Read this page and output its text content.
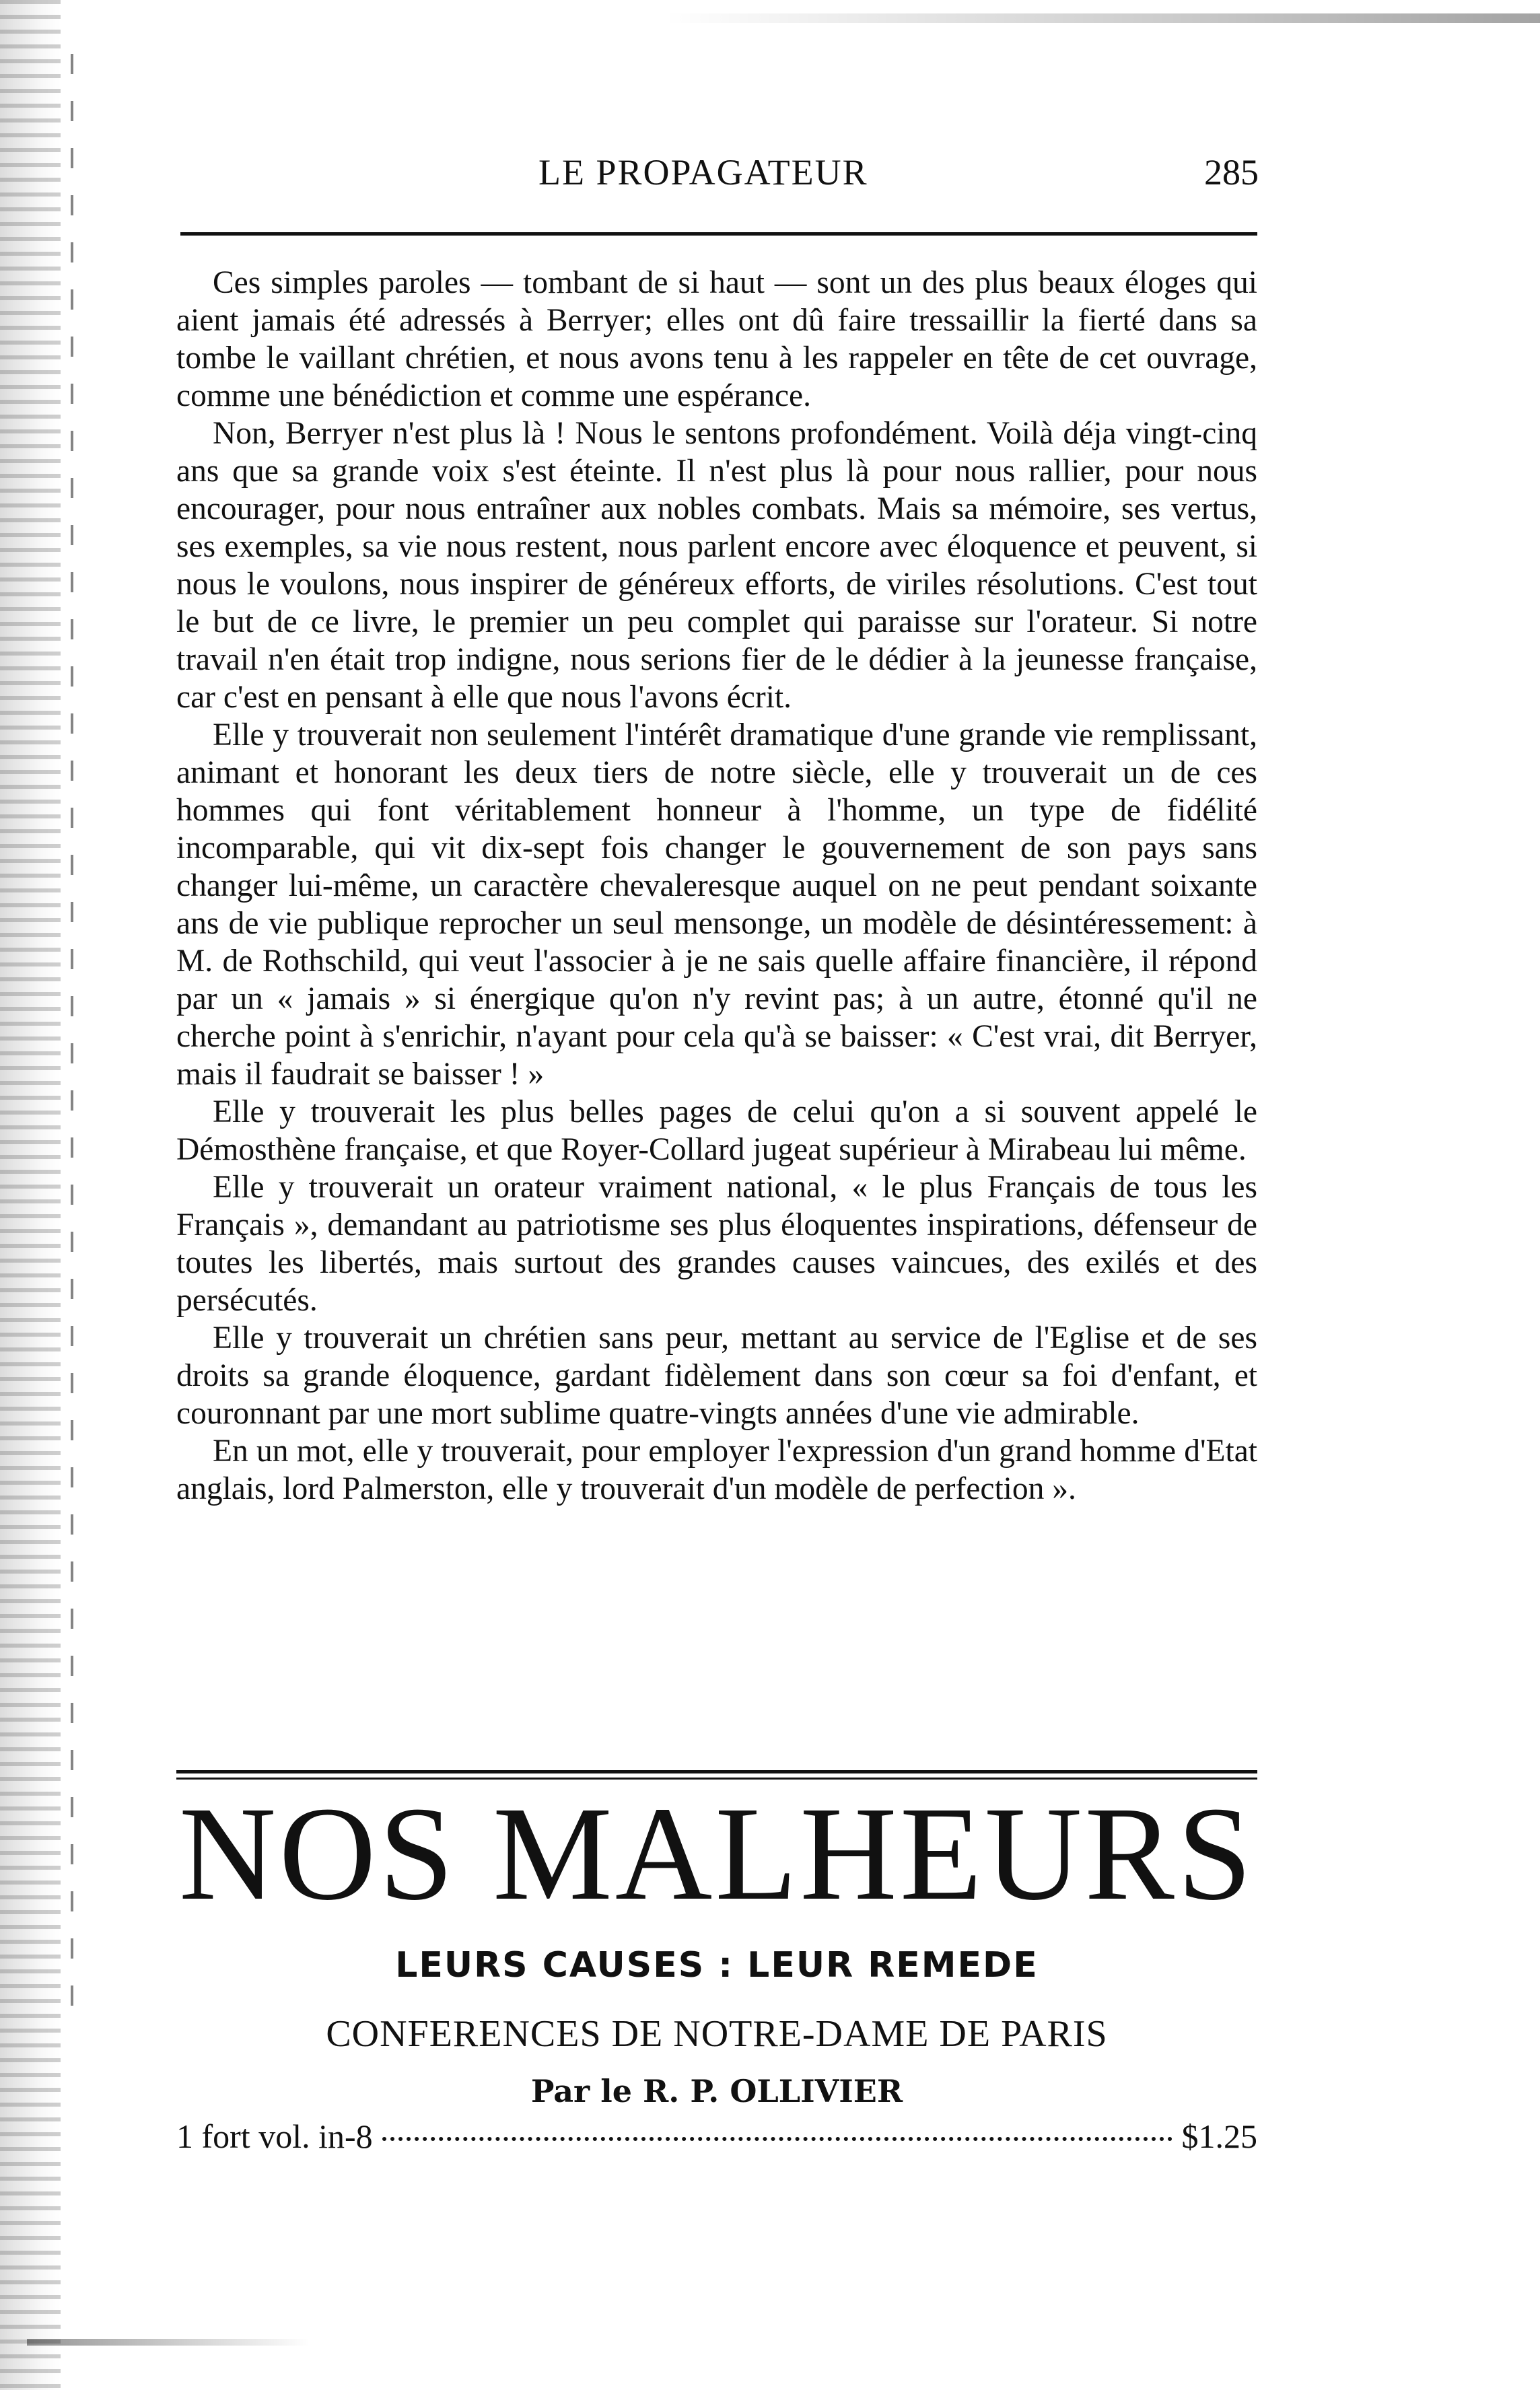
LE PROPAGATEUR	285

Ces simples paroles — tombant de si haut — sont un des plus beaux éloges qui aient jamais été adressés à Berryer; elles ont dû faire tressaillir la fierté dans sa tombe le vaillant chrétien, et nous avons tenu à les rappeler en tête de cet ouvrage, comme une bénédiction et comme une espérance.

Non, Berryer n'est plus là ! Nous le sentons profondément. Voilà déja vingt-cinq ans que sa grande voix s'est éteinte. Il n'est plus là pour nous rallier, pour nous encourager, pour nous entraîner aux nobles combats. Mais sa mémoire, ses vertus, ses exemples, sa vie nous restent, nous parlent encore avec éloquence et peuvent, si nous le voulons, nous inspirer de généreux efforts, de viriles résolutions. C'est tout le but de ce livre, le premier un peu complet qui paraisse sur l'orateur. Si notre travail n'en était trop indigne, nous serions fier de le dédier à la jeunesse française, car c'est en pensant à elle que nous l'avons écrit.

Elle y trouverait non seulement l'intérêt dramatique d'une grande vie remplissant, animant et honorant les deux tiers de notre siècle, elle y trouverait un de ces hommes qui font véritablement honneur à l'homme, un type de fidélité incomparable, qui vit dix-sept fois changer le gouvernement de son pays sans changer lui-même, un caractère chevaleresque auquel on ne peut pendant soixante ans de vie publique reprocher un seul mensonge, un modèle de désintéressement: à M. de Rothschild, qui veut l'associer à je ne sais quelle affaire financière, il répond par un « jamais » si énergique qu'on n'y revint pas; à un autre, étonné qu'il ne cherche point à s'enrichir, n'ayant pour cela qu'à se baisser: « C'est vrai, dit Berryer, mais il faudrait se baisser ! »

Elle y trouverait les plus belles pages de celui qu'on a si souvent appelé le Démosthène française, et que Royer-Collard jugeat supérieur à Mirabeau lui même.

Elle y trouverait un orateur vraiment national, « le plus Français de tous les Français », demandant au patriotisme ses plus éloquentes inspirations, défenseur de toutes les libertés, mais surtout des grandes causes vaincues, des exilés et des persécutés.

Elle y trouverait un chrétien sans peur, mettant au service de l'Eglise et de ses droits sa grande éloquence, gardant fidèlement dans son cœur sa foi d'enfant, et couronnant par une mort sublime quatre-vingts années d'une vie admirable.

En un mot, elle y trouverait, pour employer l'expression d'un grand homme d'Etat anglais, lord Palmerston, elle y trouverait d'un modèle de perfection ».

NOS MALHEURS
LEURS CAUSES : LEUR REMEDE
CONFERENCES DE NOTRE-DAME DE PARIS
Par le R. P. OLLIVIER
1 fort vol. in-8	$1.25
